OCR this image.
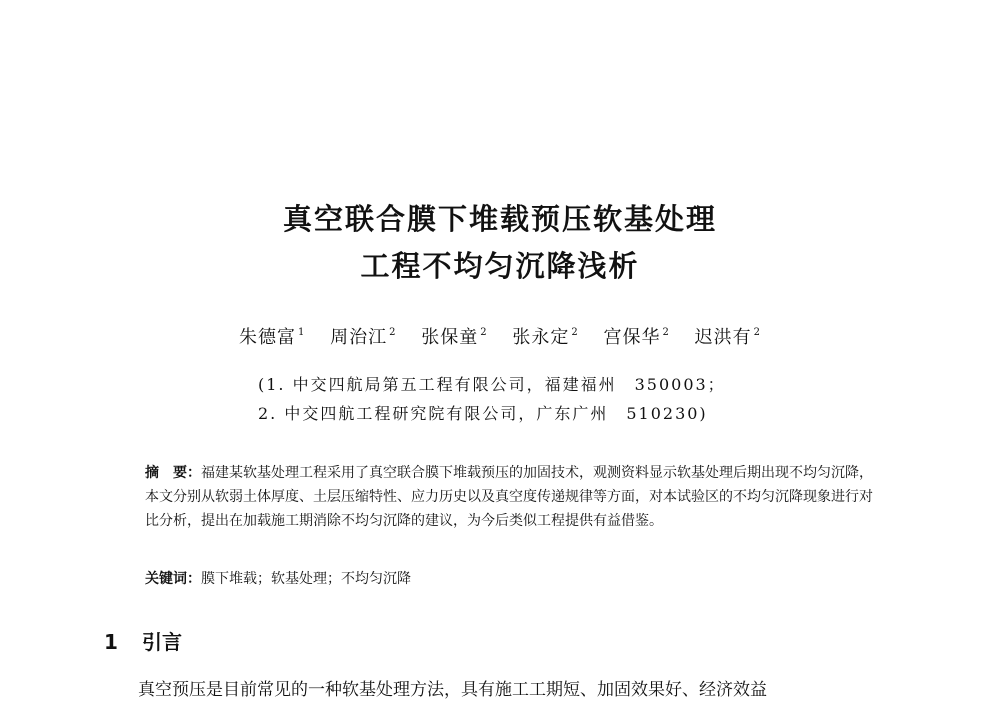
真空联合膜下堆载预压软基处理
工程不均匀沉降浅析
朱德富 $^1$ 周治江 $^2$ 张保童 $^2$ 张永定 $^2$ 宫保华 $^2$ 迟洪有 $^2$
(1. 中交四航局第五工程有限公司，福建福州　350003；
2. 中交四航工程研究院有限公司，广东广州　510230)
摘　要：福建某软基处理工程采用了真空联合膜下堆载预压的加固技术，观测资料显示软基处理后期出现不均匀沉降，本文分别从软弱土体厚度、土层压缩特性、应力历史以及真空度传递规律等方面，对本试验区的不均匀沉降现象进行对比分析，提出在加载施工期消除不均匀沉降的建议，为今后类似工程提供有益借鉴。
关键词：膜下堆载；软基处理；不均匀沉降
1 引言
真空预压是目前常见的一种软基处理方法，具有施工工期短、加固效果好、经济效益
